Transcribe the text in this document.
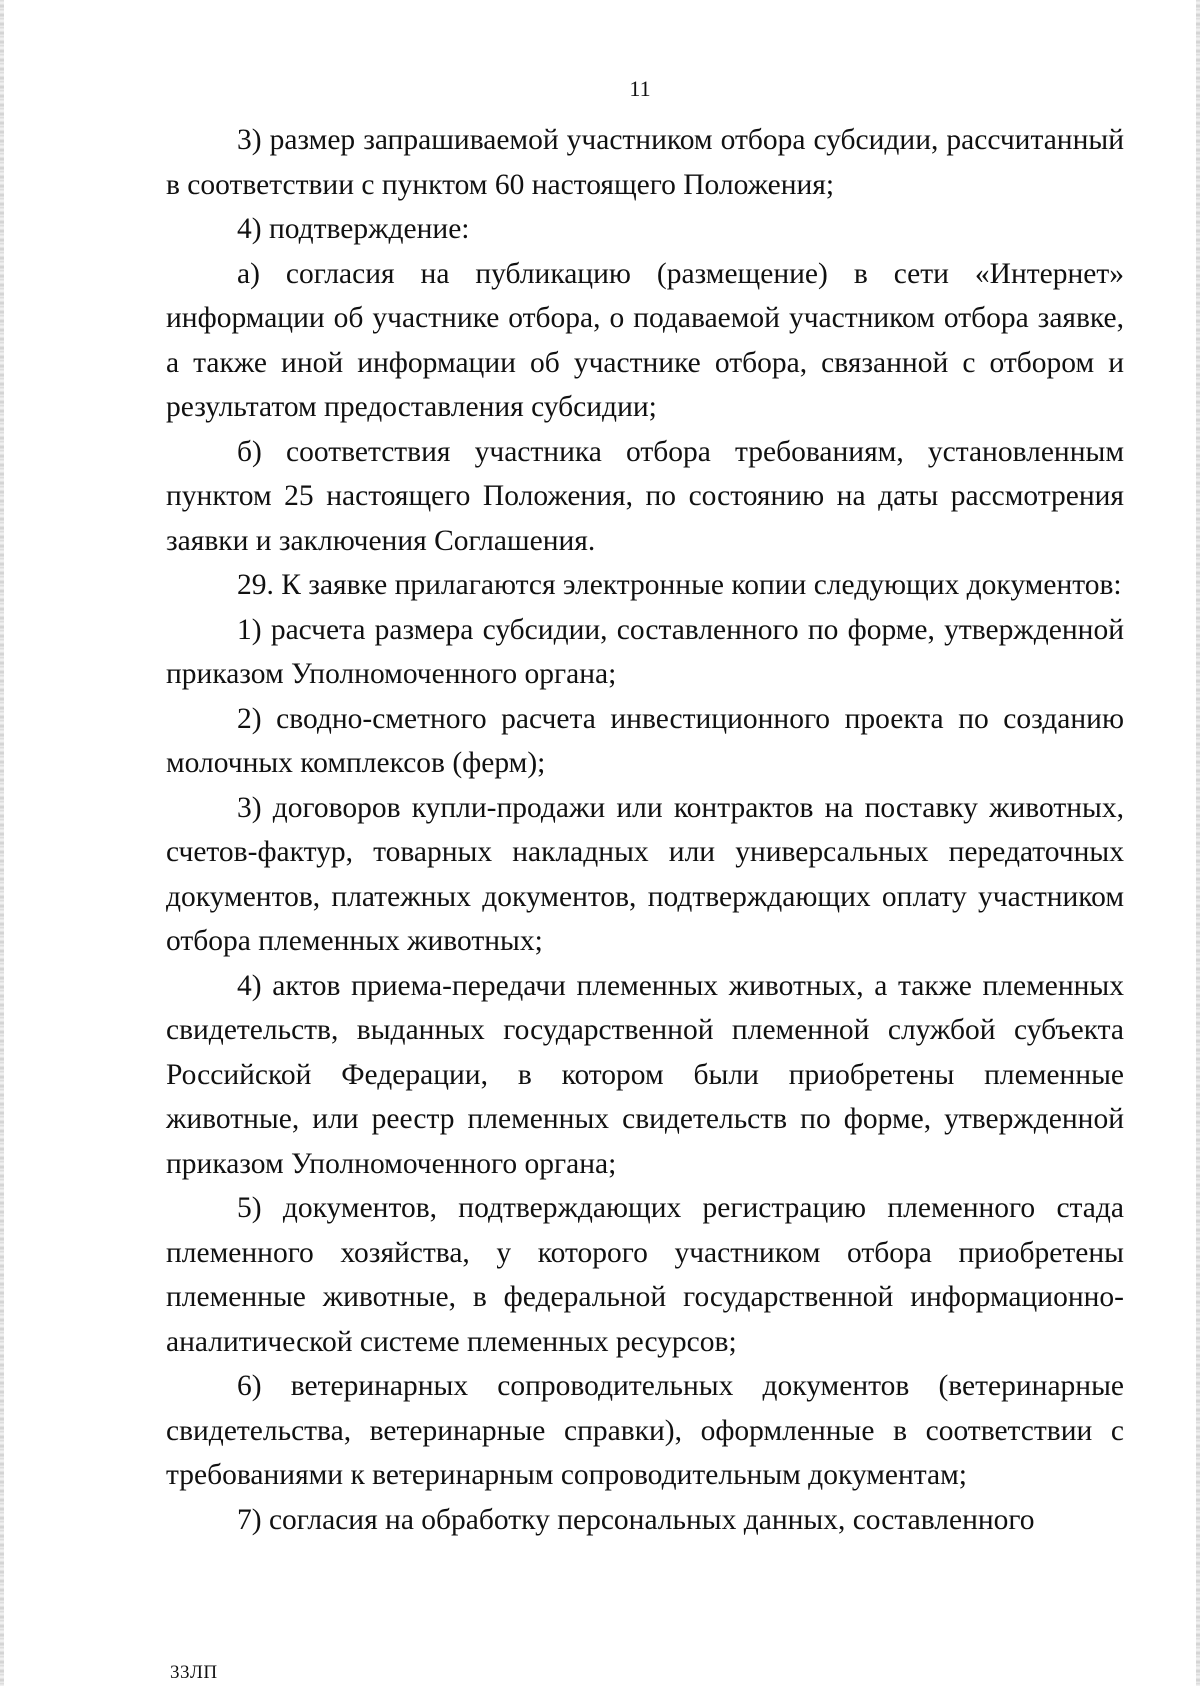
11

3) размер запрашиваемой участником отбора субсидии, рассчитанный в соответствии с пунктом 60 настоящего Положения;

4) подтверждение:

а) согласия на публикацию (размещение) в сети «Интернет» информации об участнике отбора, о подаваемой участником отбора заявке, а также иной информации об участнике отбора, связанной с отбором и результатом предоставления субсидии;

б) соответствия участника отбора требованиям, установленным пунктом 25 настоящего Положения, по состоянию на даты рассмотрения заявки и заключения Соглашения.

29. К заявке прилагаются электронные копии следующих документов:

1) расчета размера субсидии, составленного по форме, утвержденной приказом Уполномоченного органа;

2) сводно-сметного расчета инвестиционного проекта по созданию молочных комплексов (ферм);

3) договоров купли-продажи или контрактов на поставку животных, счетов-фактур, товарных накладных или универсальных передаточных документов, платежных документов, подтверждающих оплату участником отбора племенных животных;

4) актов приема-передачи племенных животных, а также племенных свидетельств, выданных государственной племенной службой субъекта Российской Федерации, в котором были приобретены племенные животные, или реестр племенных свидетельств по форме, утвержденной приказом Уполномоченного органа;

5) документов, подтверждающих регистрацию племенного стада племенного хозяйства, у которого участником отбора приобретены племенные животные, в федеральной государственной информационно-аналитической системе племенных ресурсов;

6) ветеринарных сопроводительных документов (ветеринарные свидетельства, ветеринарные справки), оформленные в соответствии с требованиями к ветеринарным сопроводительным документам;

7) согласия на обработку персональных данных, составленного

33ЛП
